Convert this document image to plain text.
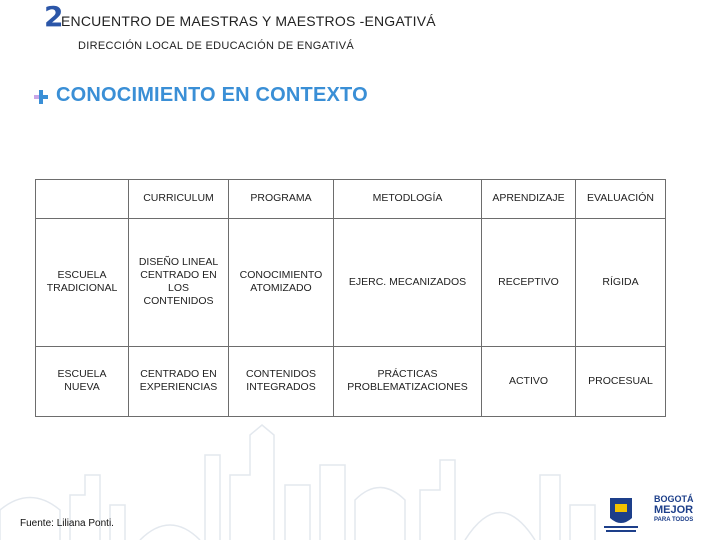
2
ENCUENTRO DE MAESTRAS Y MAESTROS -ENGATIVÁ
DIRECCIÓN LOCAL DE EDUCACIÓN DE ENGATIVÁ
CONOCIMIENTO EN CONTEXTO
	CURRICULUM	PROGRAMA	METODLOGÍA	APRENDIZAJE	EVALUACIÓN
ESCUELA TRADICIONAL	DISEÑO LINEAL CENTRADO EN LOS CONTENIDOS	CONOCIMIENTO ATOMIZADO	EJERC. MECANIZADOS	RECEPTIVO	RÍGIDA
ESCUELA NUEVA	CENTRADO EN EXPERIENCIAS	CONTENIDOS INTEGRADOS	PRÁCTICAS PROBLEMATIZACIONES	ACTIVO	PROCESUAL
Fuente: Liliana Ponti.
BOGOTÁ
MEJOR
PARA TODOS
